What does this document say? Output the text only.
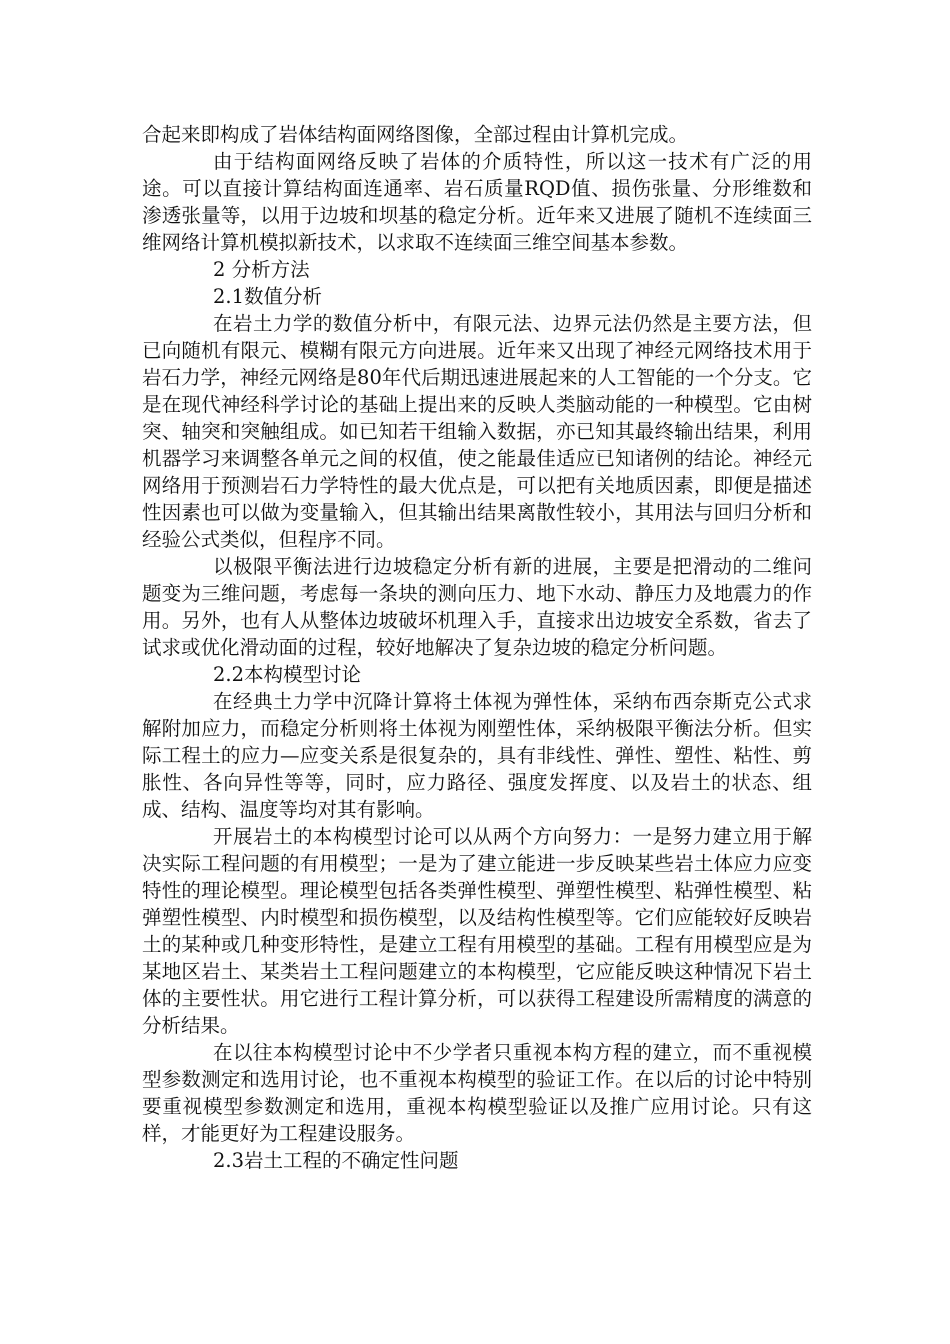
合起来即构成了岩体结构面网络图像，全部过程由计算机完成。

由于结构面网络反映了岩体的介质特性，所以这一技术有广泛的用途。可以直接计算结构面连通率、岩石质量RQD值、损伤张量、分形维数和渗透张量等，以用于边坡和坝基的稳定分析。近年来又进展了随机不连续面三维网络计算机模拟新技术，以求取不连续面三维空间基本参数。

2 分析方法

2.1数值分析

在岩土力学的数值分析中，有限元法、边界元法仍然是主要方法，但已向随机有限元、模糊有限元方向进展。近年来又出现了神经元网络技术用于岩石力学，神经元网络是80年代后期迅速进展起来的人工智能的一个分支。它是在现代神经科学讨论的基础上提出来的反映人类脑动能的一种模型。它由树突、轴突和突触组成。如已知若干组输入数据，亦已知其最终输出结果，利用机器学习来调整各单元之间的权值，使之能最佳适应已知诸例的结论。神经元网络用于预测岩石力学特性的最大优点是，可以把有关地质因素，即便是描述性因素也可以做为变量输入，但其输出结果离散性较小，其用法与回归分析和经验公式类似，但程序不同。

以极限平衡法进行边坡稳定分析有新的进展，主要是把滑动的二维问题变为三维问题，考虑每一条块的测向压力、地下水动、静压力及地震力的作用。另外，也有人从整体边坡破坏机理入手，直接求出边坡安全系数，省去了试求或优化滑动面的过程，较好地解决了复杂边坡的稳定分析问题。

2.2本构模型讨论

在经典土力学中沉降计算将土体视为弹性体，采纳布西奈斯克公式求解附加应力，而稳定分析则将土体视为刚塑性体，采纳极限平衡法分析。但实际工程土的应力—应变关系是很复杂的，具有非线性、弹性、塑性、粘性、剪胀性、各向异性等等，同时，应力路径、强度发挥度、以及岩土的状态、组成、结构、温度等均对其有影响。

开展岩土的本构模型讨论可以从两个方向努力：一是努力建立用于解决实际工程问题的有用模型；一是为了建立能进一步反映某些岩土体应力应变特性的理论模型。理论模型包括各类弹性模型、弹塑性模型、粘弹性模型、粘弹塑性模型、内时模型和损伤模型，以及结构性模型等。它们应能较好反映岩土的某种或几种变形特性，是建立工程有用模型的基础。工程有用模型应是为某地区岩土、某类岩土工程问题建立的本构模型，它应能反映这种情况下岩土体的主要性状。用它进行工程计算分析，可以获得工程建设所需精度的满意的分析结果。

在以往本构模型讨论中不少学者只重视本构方程的建立，而不重视模型参数测定和选用讨论，也不重视本构模型的验证工作。在以后的讨论中特别要重视模型参数测定和选用，重视本构模型验证以及推广应用讨论。只有这样，才能更好为工程建设服务。

2.3岩土工程的不确定性问题
